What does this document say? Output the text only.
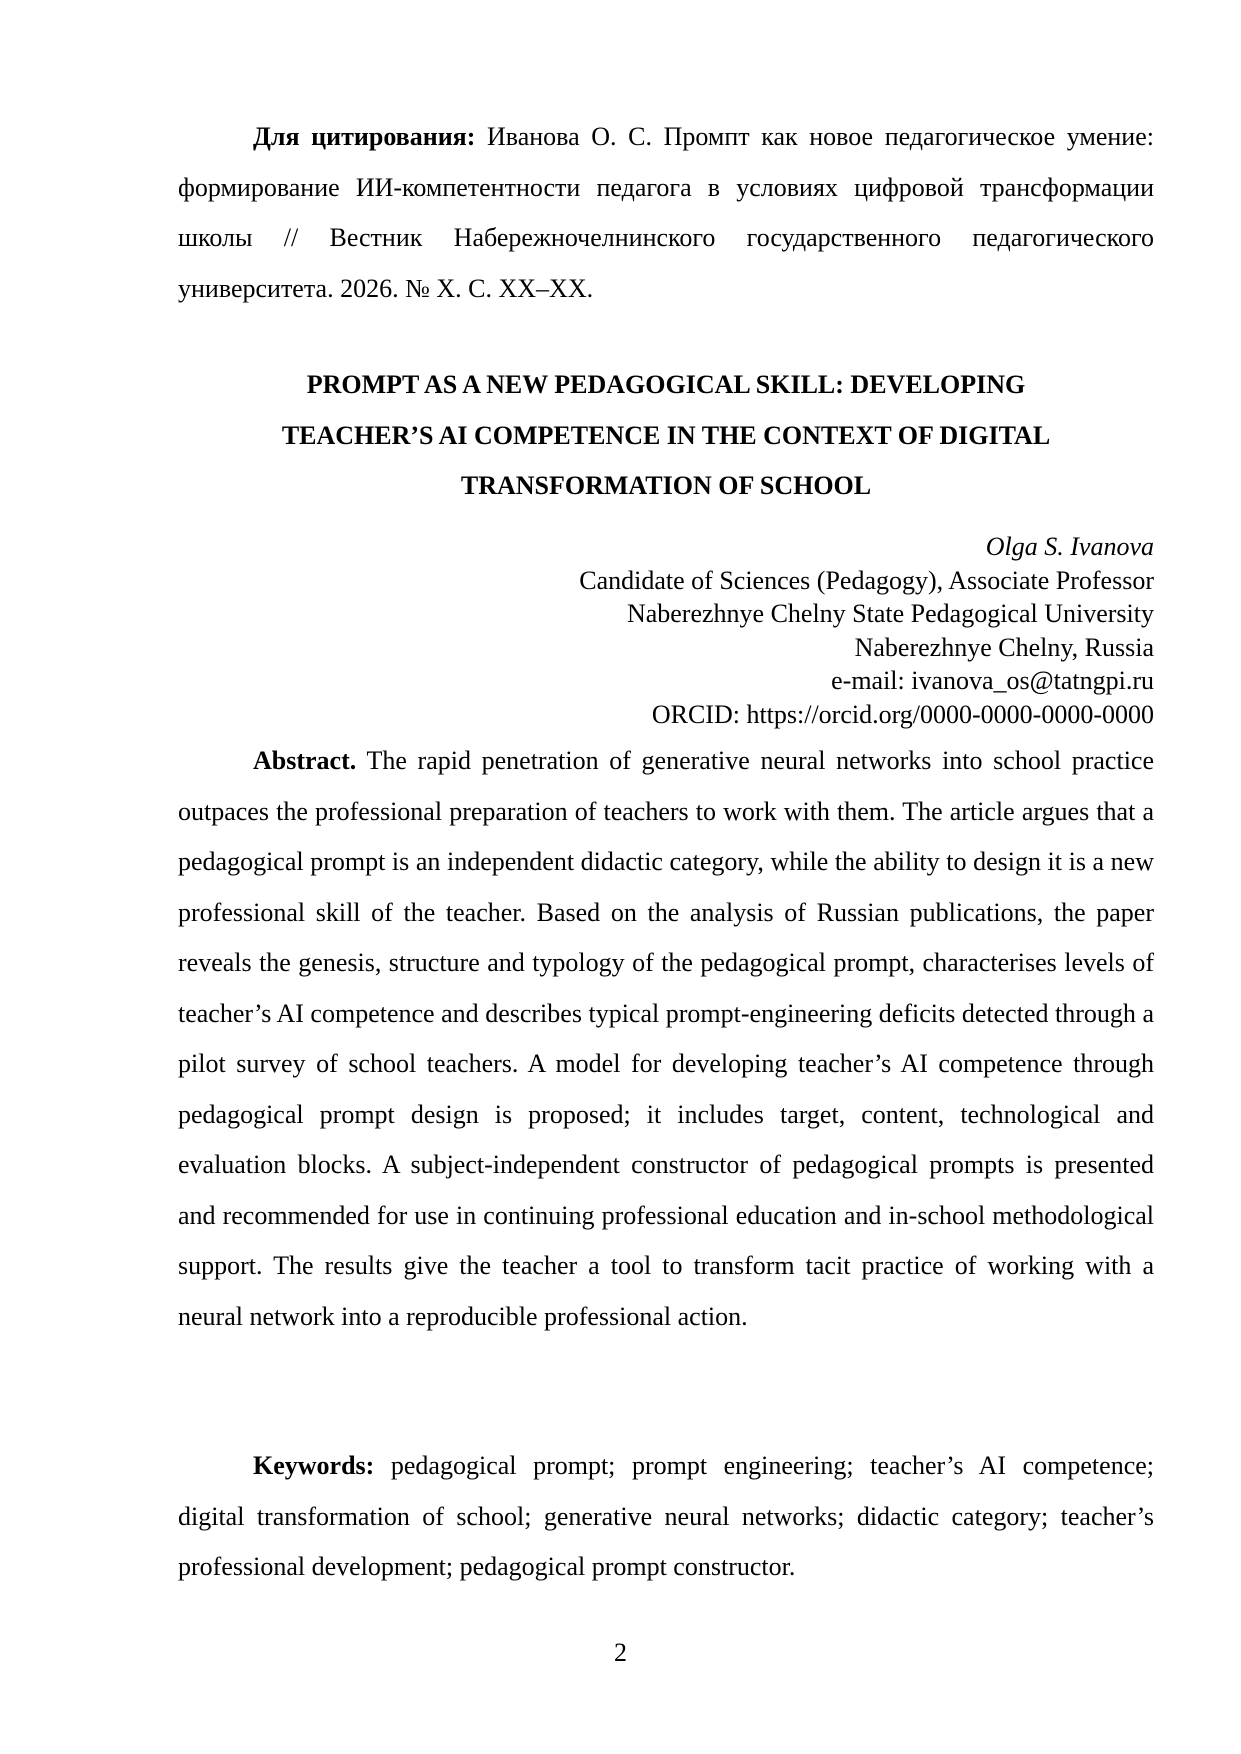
Для цитирования: Иванова О. С. Промпт как новое педагогическое умение: формирование ИИ-компетентности педагога в условиях цифровой трансформации школы // Вестник Набережночелнинского государственного педагогического университета. 2026. № Х. С. ХХ–ХХ.
PROMPT AS A NEW PEDAGOGICAL SKILL: DEVELOPING
TEACHER’S AI COMPETENCE IN THE CONTEXT OF DIGITAL
TRANSFORMATION OF SCHOOL
Olga S. Ivanova
Candidate of Sciences (Pedagogy), Associate Professor
Naberezhnye Chelny State Pedagogical University
Naberezhnye Chelny, Russia
e-mail: ivanova_os@tatngpi.ru
ORCID: https://orcid.org/0000-0000-0000-0000
Abstract. The rapid penetration of generative neural networks into school practice outpaces the professional preparation of teachers to work with them. The article argues that a pedagogical prompt is an independent didactic category, while the ability to design it is a new professional skill of the teacher. Based on the analysis of Russian publications, the paper reveals the genesis, structure and typology of the pedagogical prompt, characterises levels of teacher’s AI competence and describes typical prompt-engineering deficits detected through a pilot survey of school teachers. A model for developing teacher’s AI competence through pedagogical prompt design is proposed; it includes target, content, technological and evaluation blocks. A subject-independent constructor of pedagogical prompts is presented and recommended for use in continuing professional education and in-school methodological support. The results give the teacher a tool to transform tacit practice of working with a neural network into a reproducible professional action.
Keywords: pedagogical prompt; prompt engineering; teacher’s AI competence; digital transformation of school; generative neural networks; didactic category; teacher’s professional development; pedagogical prompt constructor.
2
